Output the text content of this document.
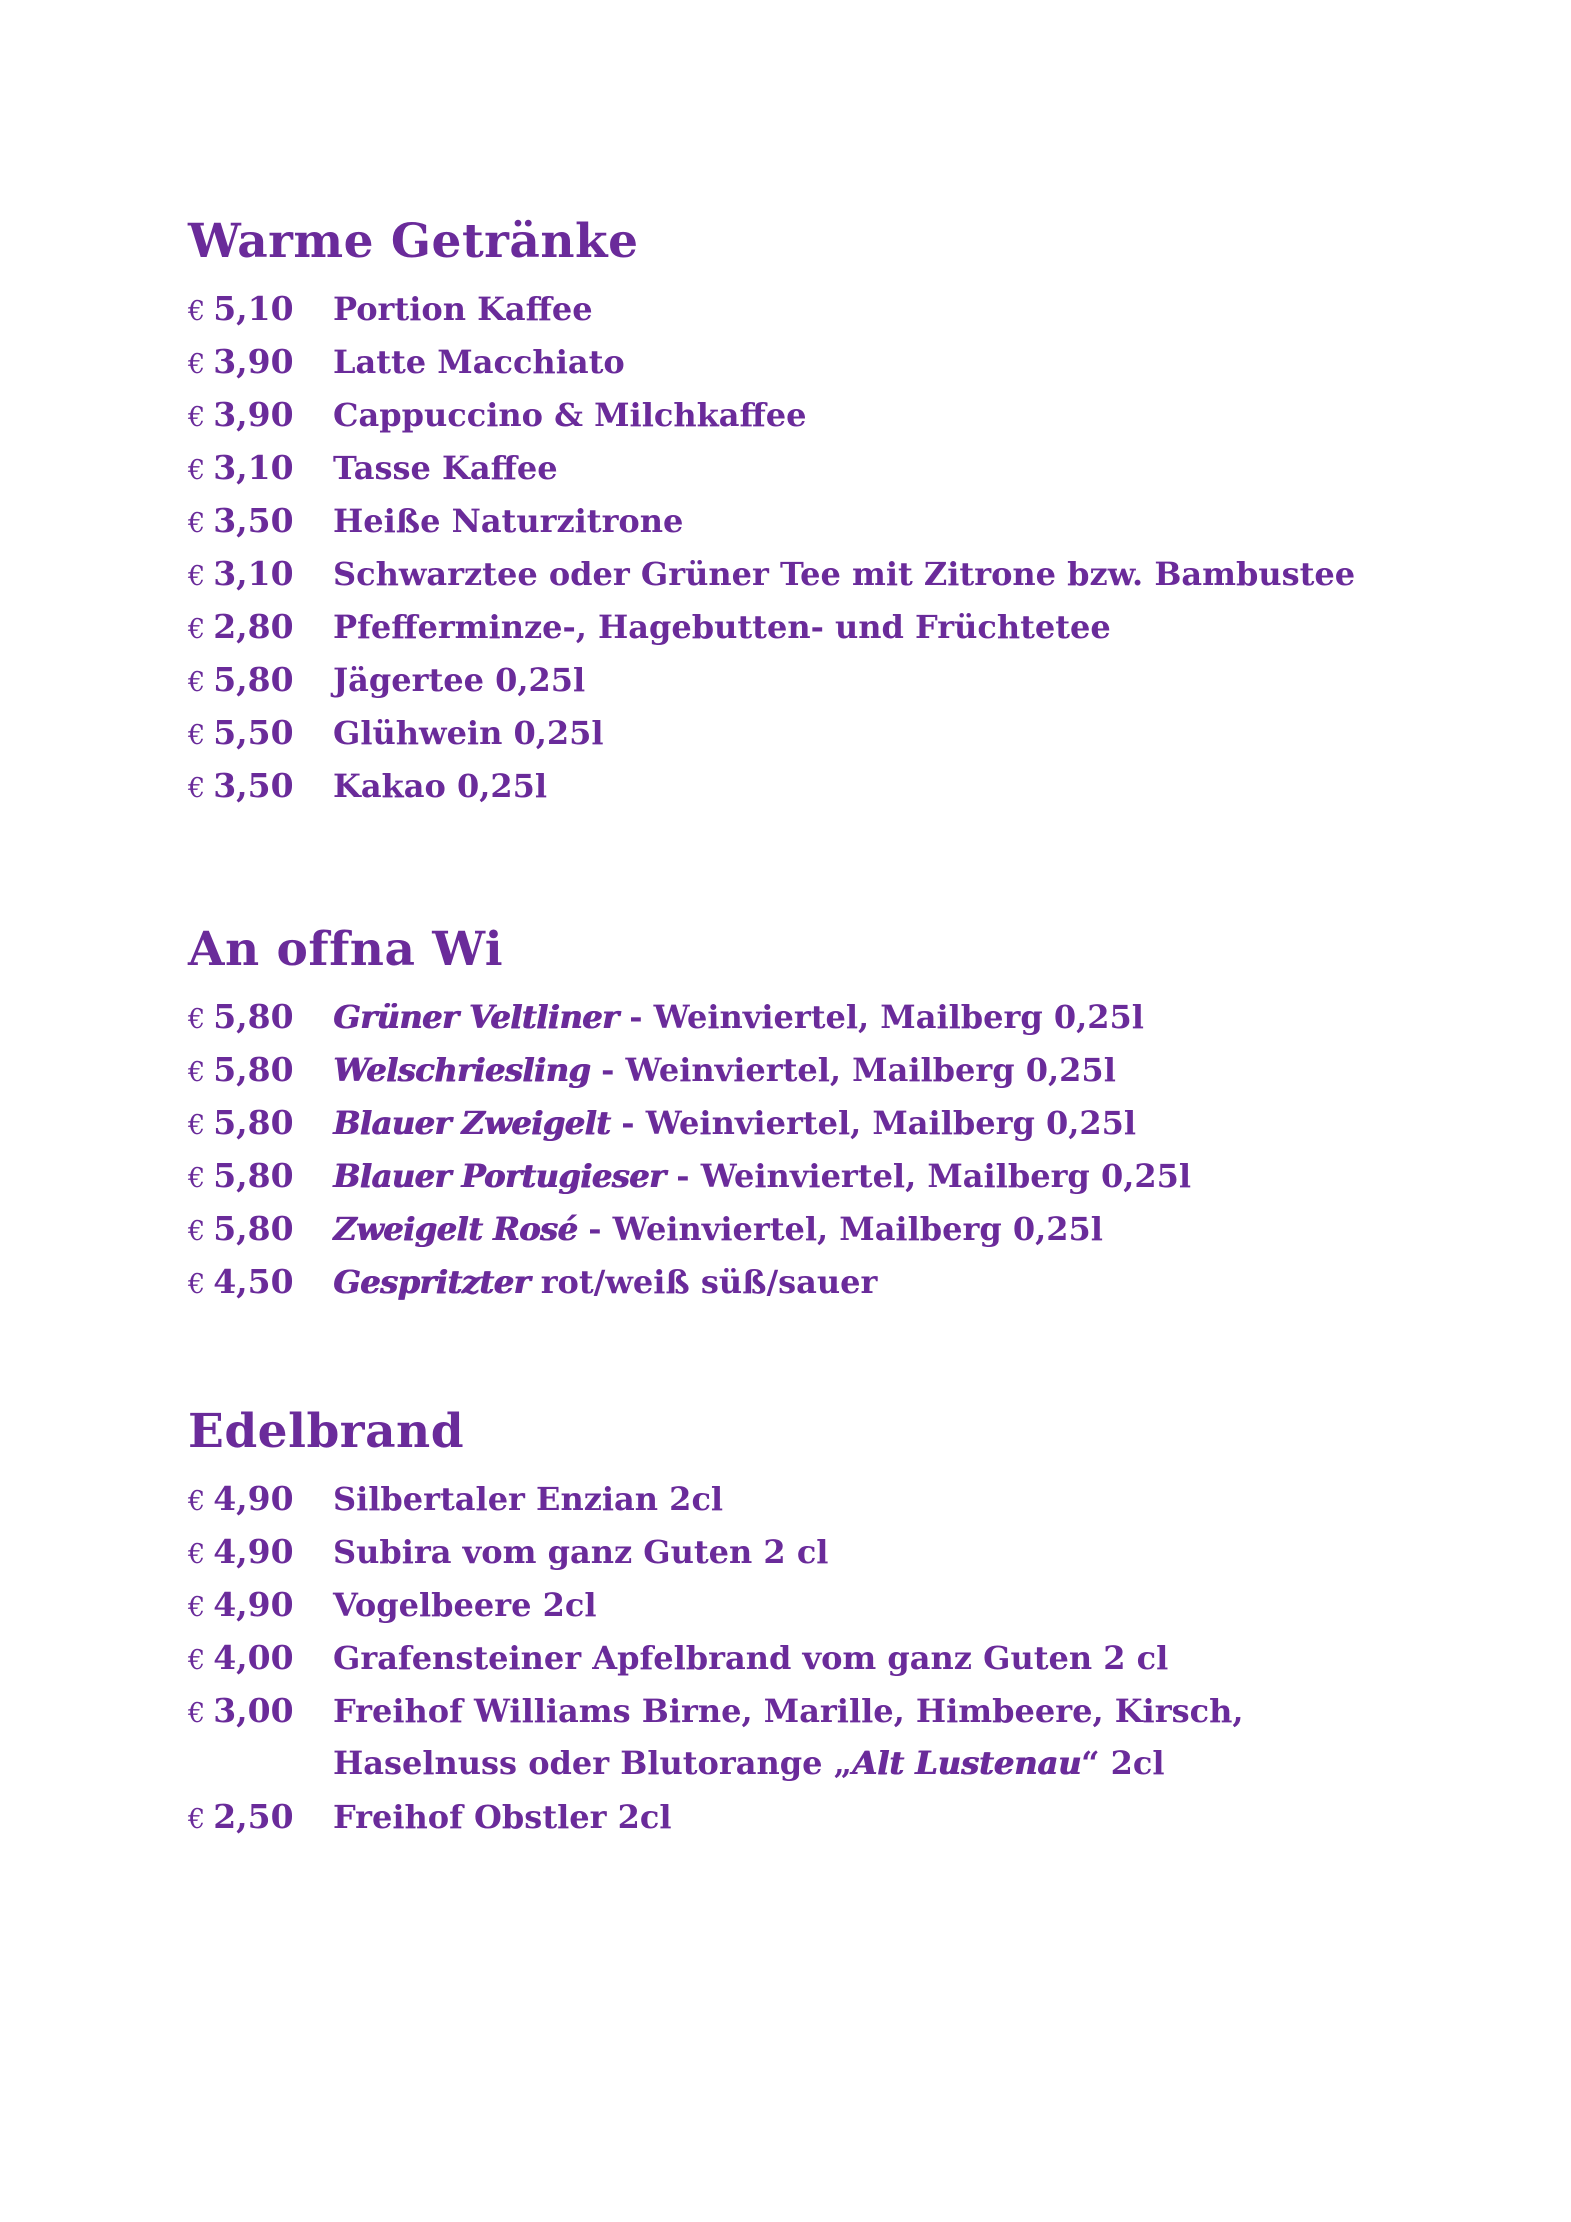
Warme Getränke
€ 5,10	Portion Kaffee
€ 3,90	Latte Macchiato
€ 3,90	Cappuccino & Milchkaffee
€ 3,10	Tasse Kaffee
€ 3,50	Heiße Naturzitrone
€ 3,10	Schwarztee oder Grüner Tee mit Zitrone bzw. Bambustee
€ 2,80	Pfefferminze-, Hagebutten- und Früchtetee
€ 5,80	Jägertee 0,25l
€ 5,50	Glühwein 0,25l
€ 3,50	Kakao 0,25l
An offna Wi
€ 5,80	Grüner Veltliner - Weinviertel, Mailberg 0,25l
€ 5,80	Welschriesling - Weinviertel, Mailberg 0,25l
€ 5,80	Blauer Zweigelt - Weinviertel, Mailberg 0,25l
€ 5,80	Blauer Portugieser - Weinviertel, Mailberg 0,25l
€ 5,80	Zweigelt Rosé - Weinviertel, Mailberg 0,25l
€ 4,50	Gespritzter rot/weiß süß/sauer
Edelbrand
€ 4,90	Silbertaler Enzian 2cl
€ 4,90	Subira vom ganz Guten 2 cl
€ 4,90	Vogelbeere 2cl
€ 4,00	Grafensteiner Apfelbrand vom ganz Guten 2 cl
€ 3,00	Freihof Williams Birne, Marille, Himbeere, Kirsch,
Haselnuss oder Blutorange „Alt Lustenau“ 2cl
€ 2,50	Freihof Obstler 2cl
